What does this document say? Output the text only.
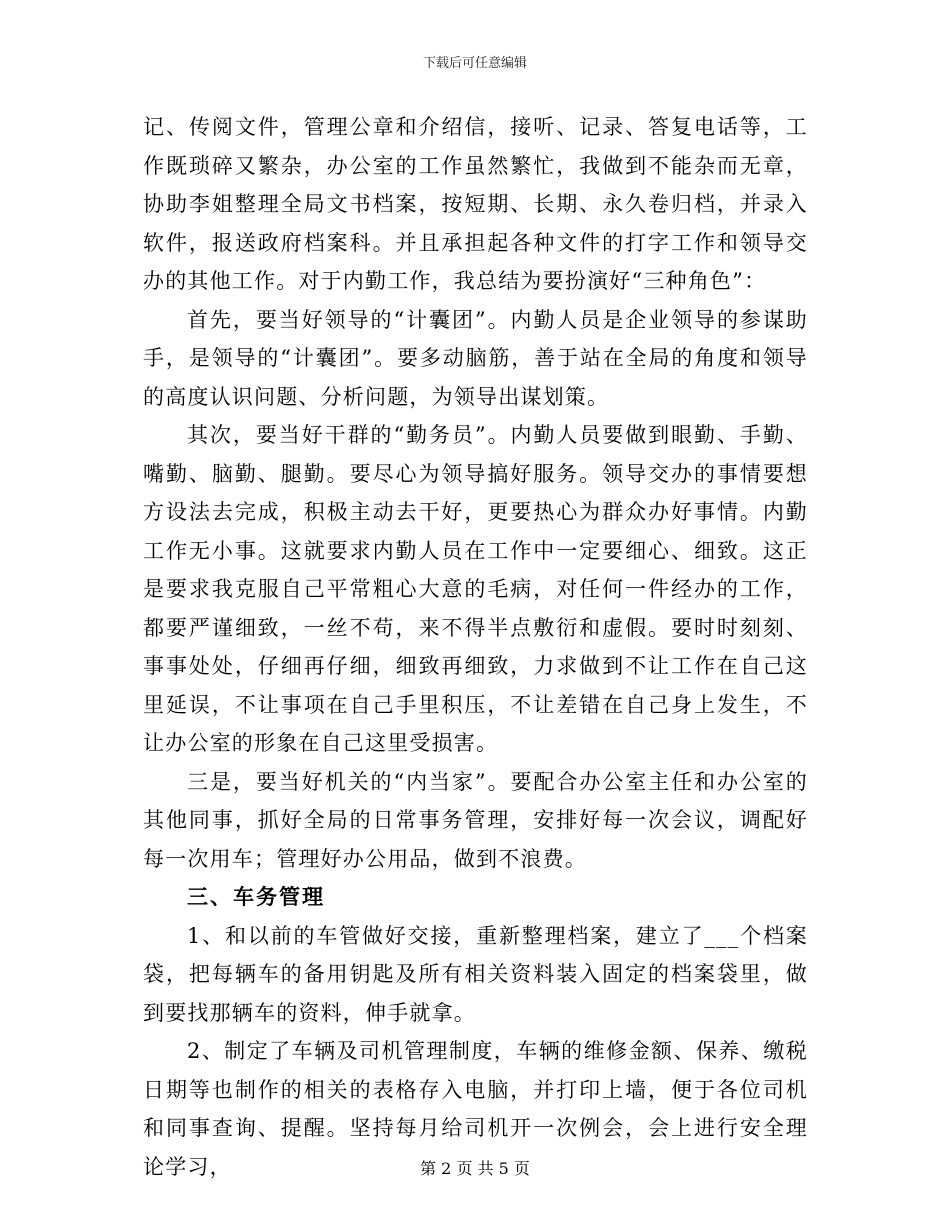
下载后可任意编辑

记、传阅文件，管理公章和介绍信，接听、记录、答复电话等，工作既琐碎又繁杂，办公室的工作虽然繁忙，我做到不能杂而无章，协助李姐整理全局文书档案，按短期、长期、永久卷归档，并录入软件，报送政府档案科。并且承担起各种文件的打字工作和领导交办的其他工作。对于内勤工作，我总结为要扮演好“三种角色”：

首先，要当好领导的“计囊团”。内勤人员是企业领导的参谋助手，是领导的“计囊团”。要多动脑筋，善于站在全局的角度和领导的高度认识问题、分析问题，为领导出谋划策。

其次，要当好干群的“勤务员”。内勤人员要做到眼勤、手勤、嘴勤、脑勤、腿勤。要尽心为领导搞好服务。领导交办的事情要想方设法去完成，积极主动去干好，更要热心为群众办好事情。内勤工作无小事。这就要求内勤人员在工作中一定要细心、细致。这正是要求我克服自己平常粗心大意的毛病，对任何一件经办的工作，都要严谨细致，一丝不苟，来不得半点敷衍和虚假。要时时刻刻、事事处处，仔细再仔细，细致再细致，力求做到不让工作在自己这里延误，不让事项在自己手里积压，不让差错在自己身上发生，不让办公室的形象在自己这里受损害。

三是，要当好机关的“内当家”。要配合办公室主任和办公室的其他同事，抓好全局的日常事务管理，安排好每一次会议，调配好每一次用车；管理好办公用品，做到不浪费。

三、车务管理

1、和以前的车管做好交接，重新整理档案，建立了___个档案袋，把每辆车的备用钥匙及所有相关资料装入固定的档案袋里，做到要找那辆车的资料，伸手就拿。

2、制定了车辆及司机管理制度，车辆的维修金额、保养、缴税日期等也制作的相关的表格存入电脑，并打印上墙，便于各位司机和同事查询、提醒。坚持每月给司机开一次例会，会上进行安全理论学习，	第 2 页 共 5 页
